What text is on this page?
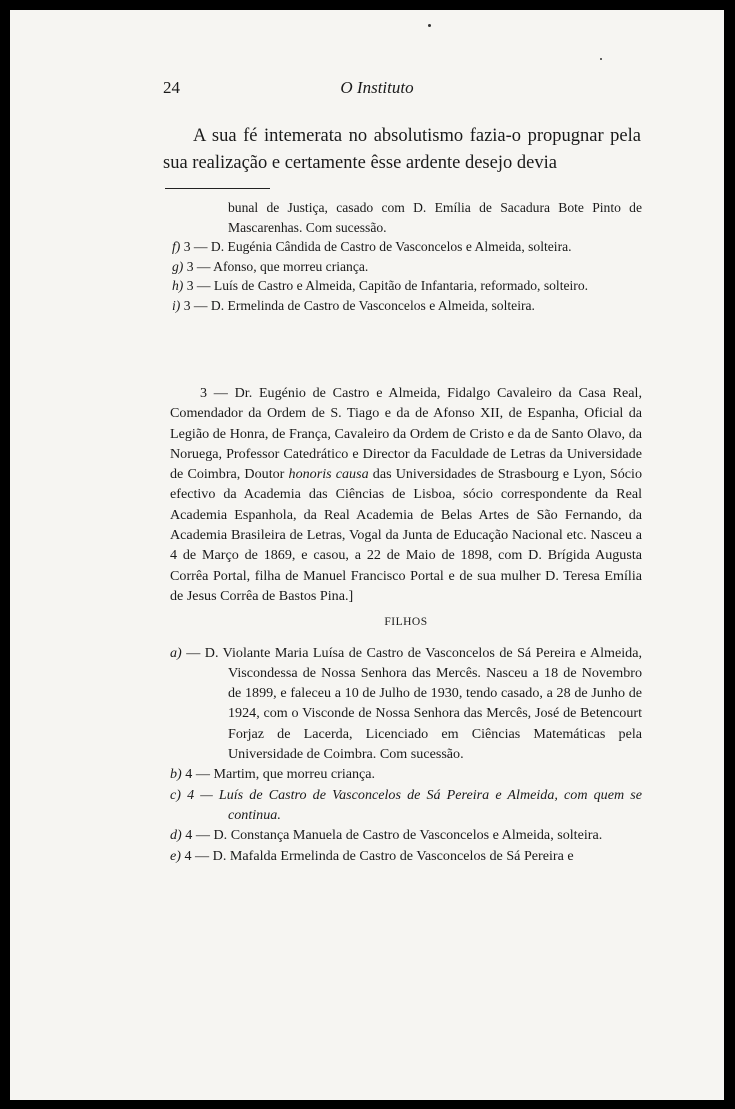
24	O Instituto

A sua fé intemerata no absolutismo fazia-o propugnar pela sua realização e certamente êsse ardente desejo devia

bunal de Justiça, casado com D. Emília de Sacadura Bote Pinto de Mascarenhas. Com sucessão.

f) 3 — D. Eugénia Cândida de Castro de Vasconcelos e Almeida, solteira.

g) 3 — Afonso, que morreu criança.

h) 3 — Luís de Castro e Almeida, Capitão de Infantaria, reformado, solteiro.

i) 3 — D. Ermelinda de Castro de Vasconcelos e Almeida, solteira.

3 — Dr. Eugénio de Castro e Almeida, Fidalgo Cavaleiro da Casa Real, Comendador da Ordem de S. Tiago e da de Afonso XII, de Espanha, Oficial da Legião de Honra, de França, Cavaleiro da Ordem de Cristo e da de Santo Olavo, da Noruega, Professor Catedrático e Director da Faculdade de Letras da Universidade de Coimbra, Doutor honoris causa das Universidades de Strasbourg e Lyon, Sócio efectivo da Academia das Ciências de Lisboa, sócio correspondente da Real Academia Espanhola, da Real Academia de Belas Artes de São Fernando, da Academia Brasileira de Letras, Vogal da Junta de Educação Nacional etc. Nasceu a 4 de Março de 1869, e casou, a 22 de Maio de 1898, com D. Brígida Augusta Corrêa Portal, filha de Manuel Francisco Portal e de sua mulher D. Teresa Emília de Jesus Corrêa de Bastos Pina.]

FILHOS

a) — D. Violante Maria Luísa de Castro de Vasconcelos de Sá Pereira e Almeida, Viscondessa de Nossa Senhora das Mercês. Nasceu a 18 de Novembro de 1899, e faleceu a 10 de Julho de 1930, tendo casado, a 28 de Junho de 1924, com o Visconde de Nossa Senhora das Mercês, José de Betencourt Forjaz de Lacerda, Licenciado em Ciências Matemáticas pela Universidade de Coimbra. Com sucessão.

b) 4 — Martim, que morreu criança.

c) 4 — Luís de Castro de Vasconcelos de Sá Pereira e Almeida, com quem se continua.

d) 4 — D. Constança Manuela de Castro de Vasconcelos e Almeida, solteira.

e) 4 — D. Mafalda Ermelinda de Castro de Vasconcelos de Sá Pereira e
